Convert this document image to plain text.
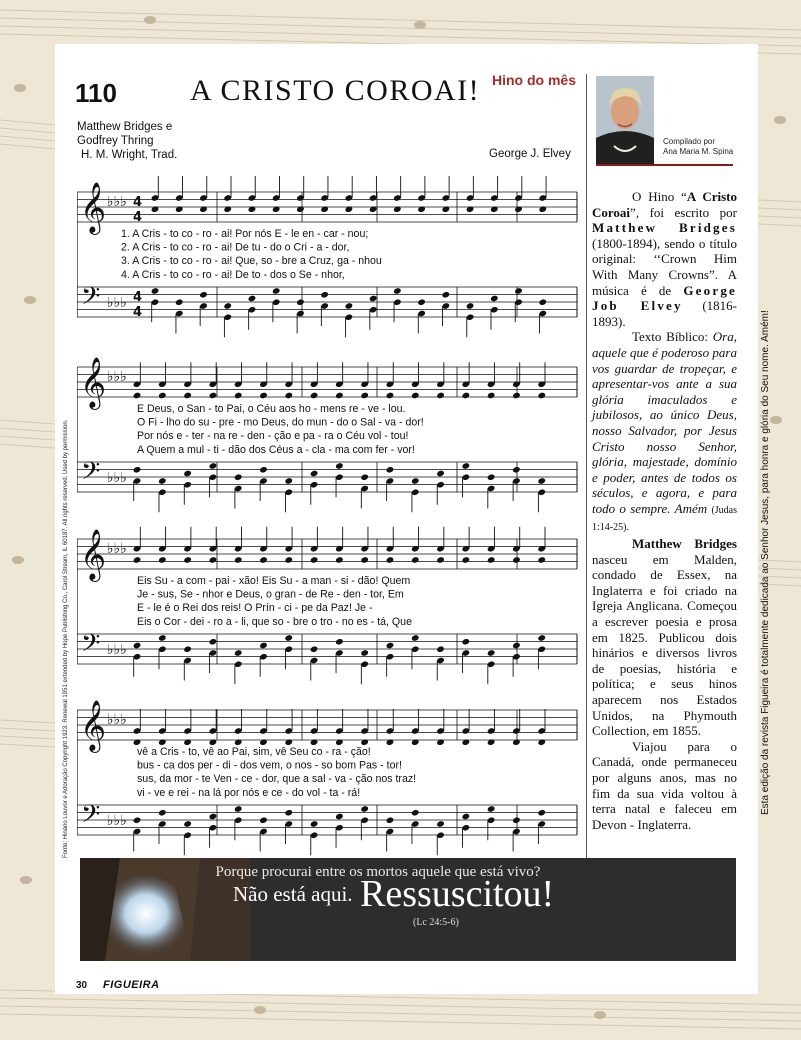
110 A CRISTO COROAI! Hino do mês
Matthew Bridges e
Godfrey Thring
H. M. Wright, Trad.	George J. Elvey
Compilado por
Ana Maria M. Spina

O Hino “A Cristo Coroai”, foi escrito por Matthew Bridges (1800-1894), sendo o título original: ‘‘Crown Him With Many Crowns”. A música é de George Job Elvey (1816-1893).

Texto Bíblico: Ora, aquele que é poderoso para vos guardar de tropeçar, e apresentar-vos ante a sua glória imaculados e jubilosos, ao único Deus, nosso Salvador, por Jesus Cristo nosso Senhor, glória, majestade, domínio e poder, antes de todos os séculos, e agora, e para todo o sempre. Amém (Judas 1:14-25).

Matthew Bridges nasceu em Malden, condado de Essex, na Inglaterra e foi criado na Igreja Anglicana. Começou a escrever poesia e prosa em 1825. Publicou dois hinários e diversos livros de poesias, história e política; e seus hinos aparecem nos Estados Unidos, na Phymouth Collection, em 1855.

Viajou para o Canadá, onde permaneceu por alguns anos, mas no fim da sua vida voltou à terra natal e faleceu em Devon - Inglaterra.

𝄞
𝄢
♭♭♭
♭♭♭
4
4
4
4
1. A Cris - to co - ro - ai! Por nós E - le en - car - nou;
2. A Cris - to co - ro - ai! De tu - do o Cri - a - dor,
3. A Cris - to co - ro - ai! Que, so - bre a Cruz, ga - nhou
4. A Cris - to co - ro - ai! De to - dos o Se - nhor,
𝄞
𝄢
♭♭♭
♭♭♭
E Deus, o San - to Pai, o Céu aos ho - mens re - ve - lou.
O Fi - lho do su - pre - mo Deus, do mun - do o Sal - va - dor!
Por nós e - ter - na re - den - ção e pa - ra o Céu vol - tou!
A Quem a mul - ti - dão dos Céus a - cla - ma com fer - vor!
𝄞
𝄢
♭♭♭
♭♭♭
Eis Su - a com - pai - xão! Eis Su - a man - si - dão! Quem
Je - sus, Se - nhor e Deus, o gran - de Re - den - tor, Em
E - le é o Rei dos reis! O Prín - ci - pe da Paz! Je -
Eis o Cor - dei - ro a - li, que so - bre o tro - no es - tá, Que
𝄞
𝄢
♭♭♭
♭♭♭
vê a Cris - to, vê ao Pai, sim, vê Seu co - ra - ção!
bus - ca dos per - di - dos vem, o nos - so bom Pas - tor!
sus, da mor - te Ven - ce - dor, que a sal - va - ção nos traz!
vi - ve e rei - na lá por nós e ce - do vol - ta - rá!
Porque procurai entre os mortos aquele que está vivo?
Não está aqui. Ressuscitou!
(Lc 24:5-6)
30 FIGUEIRA
Fonte: Hinário Louvor e Adoração Copyright 1923. Renewal 1951 extended by Hope Publishing Co., Carol Stream, IL 60187. All rights reserved. Used by permission.	Esta edição da revista Figueira é totalmente dedicada ao Senhor Jesus, para honra e glória do Seu nome. Amém!
